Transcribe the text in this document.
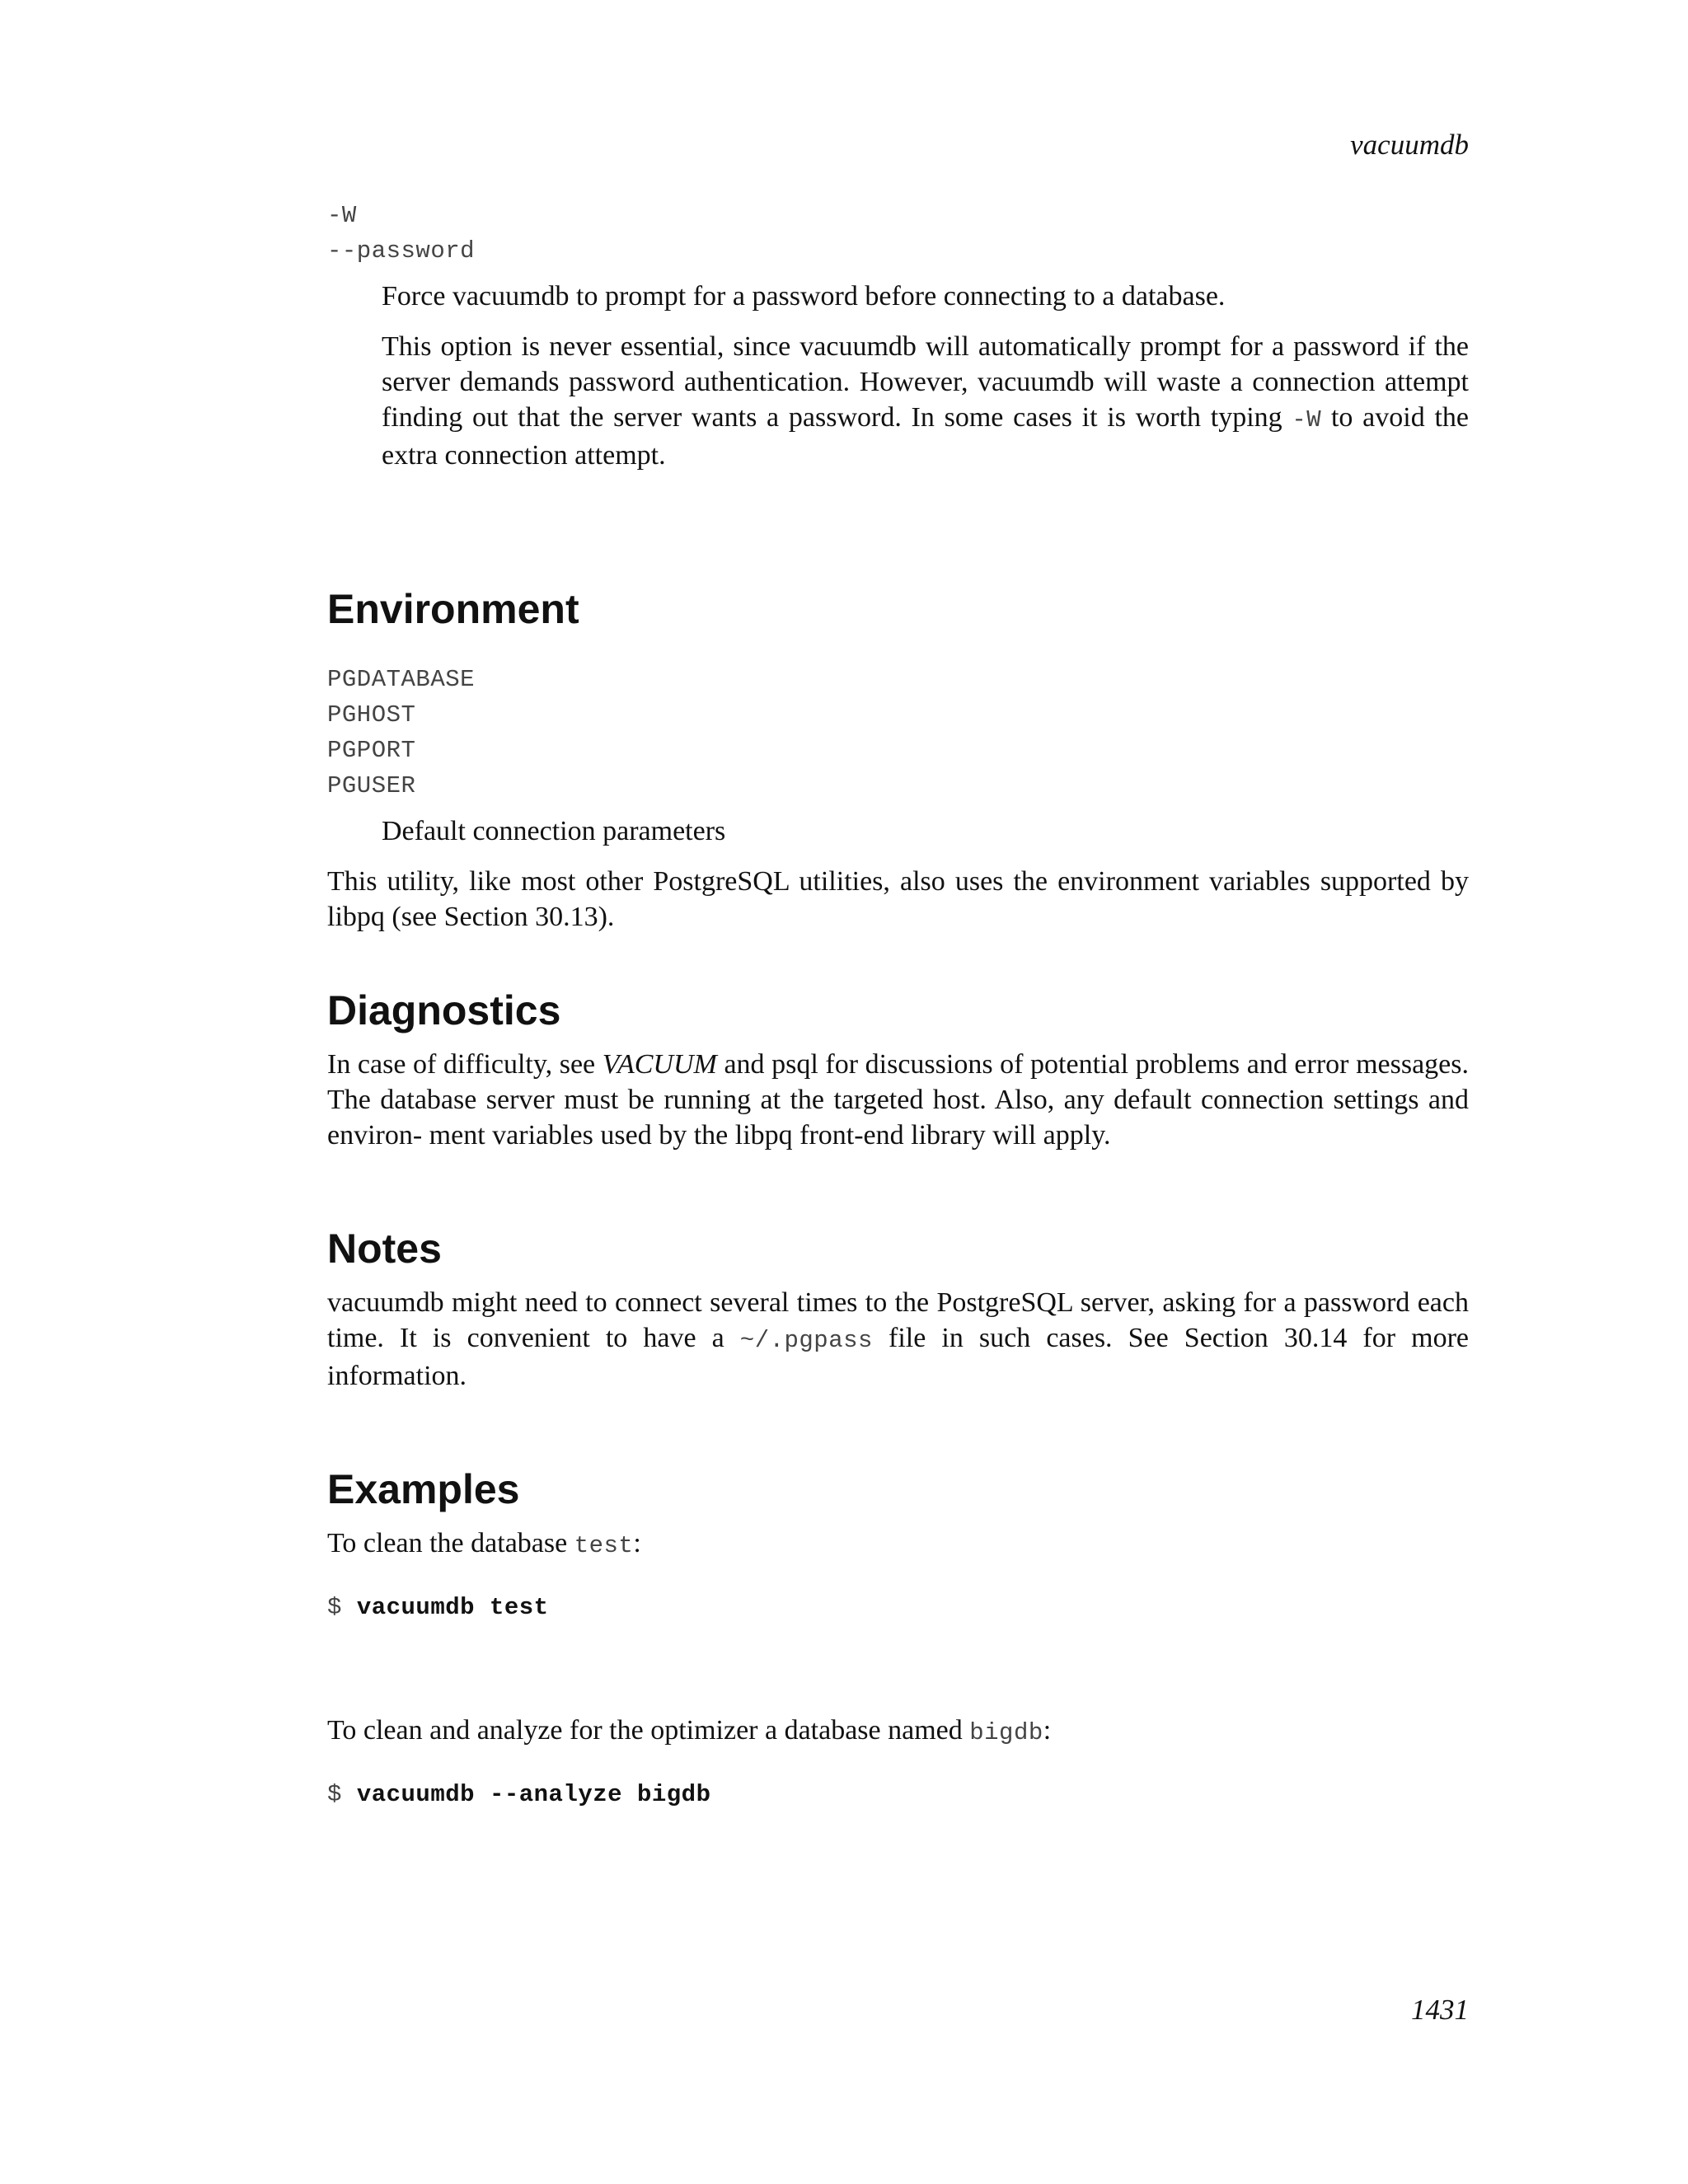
vacuumdb
-W
--password

Force vacuumdb to prompt for a password before connecting to a database.

This option is never essential, since vacuumdb will automatically prompt for a password if the server demands password authentication. However, vacuumdb will waste a connection attempt finding out that the server wants a password. In some cases it is worth typing -W to avoid the extra connection attempt.

Environment
PGDATABASE
PGHOST
PGPORT
PGUSER

Default connection parameters

This utility, like most other PostgreSQL utilities, also uses the environment variables supported by libpq (see Section 30.13).

Diagnostics

In case of difficulty, see VACUUM and psql for discussions of potential problems and error messages. The database server must be running at the targeted host. Also, any default connection settings and environ- ment variables used by the libpq front-end library will apply.

Notes

vacuumdb might need to connect several times to the PostgreSQL server, asking for a password each time. It is convenient to have a ~/.pgpass file in such cases. See Section 30.14 for more information.

Examples

To clean the database test:

$ vacuumdb test

To clean and analyze for the optimizer a database named bigdb:

$ vacuumdb --analyze bigdb
1431
